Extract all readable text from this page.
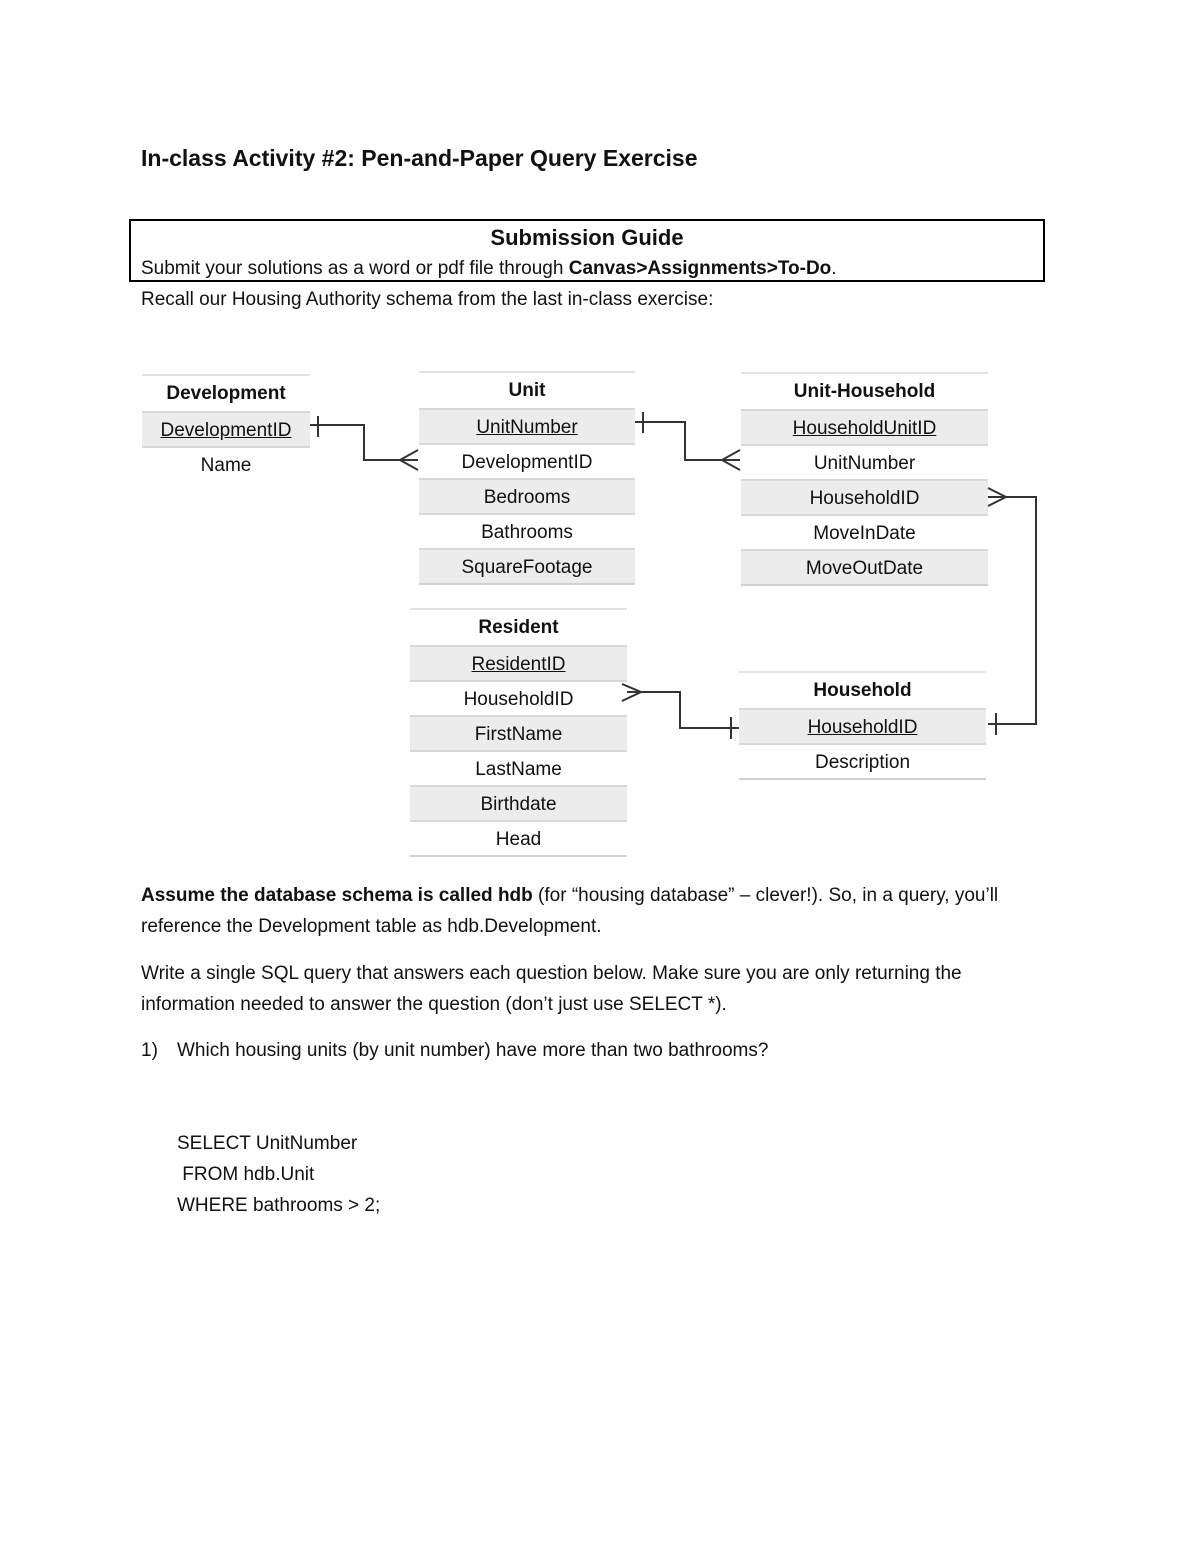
In-class Activity #2: Pen-and-Paper Query Exercise
Submission Guide
Submit your solutions as a word or pdf file through Canvas>Assignments>To-Do.
Recall our Housing Authority schema from the last in-class exercise:
Development
DevelopmentID
Name
Unit
UnitNumber
DevelopmentID
Bedrooms
Bathrooms
SquareFootage
Unit-Household
HouseholdUnitID
UnitNumber
HouseholdID
MoveInDate
MoveOutDate
Resident
ResidentID
HouseholdID
FirstName
LastName
Birthdate
Head
Household
HouseholdID
Description
Assume the database schema is called hdb (for “housing database” – clever!). So, in a query, you’ll reference the Development table as hdb.Development.
Write a single SQL query that answers each question below. Make sure you are only returning the information needed to answer the question (don’t just use SELECT *).
1) Which housing units (by unit number) have more than two bathrooms?
SELECT UnitNumber
FROM hdb.Unit
WHERE bathrooms > 2;
